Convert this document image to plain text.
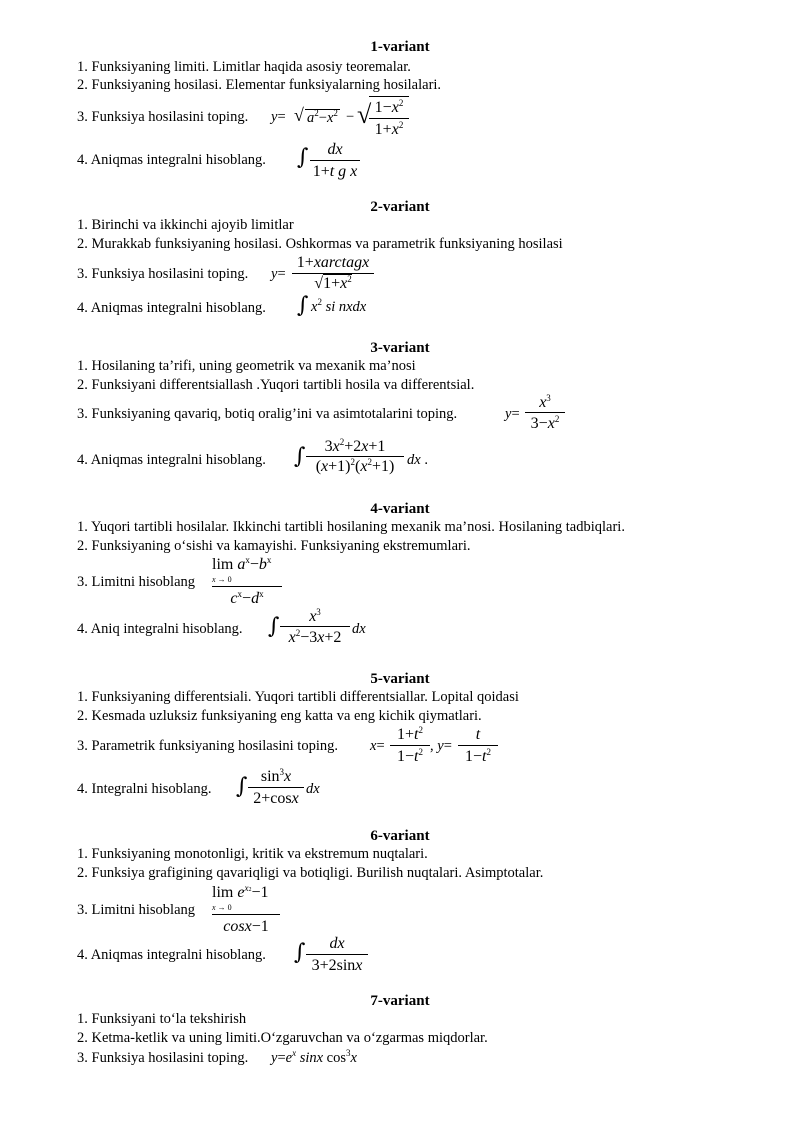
1-variant
1. Funksiyaning limiti. Limitlar haqida asosiy teoremalar.
2. Funksiyaning hosilasi. Elementar funksiyalarning hosilalari.
3. Funksiya hosilasini toping. y= √ $a^2-x^2$ − √ $1-x^2$
$1+x^2$
4. Aniqmas integralni hisoblang. ∫	dx
1+t g x
2-variant
1. Birinchi va ikkinchi ajoyib limitlar
2. Murakkab funksiyaning hosilasi. Oshkormas va parametrik funksiyaning hosilasi
3. Funksiya hosilasini toping. y=
1+xarctagx
$√1+x^2$
4. Aniqmas integralni hisoblang. ∫ $x^2$ si nxdx
3-variant
1. Hosilaning ta’rifi, uning geometrik va mexanik ma’nosi
2. Funksiyani differentsiallash .Yuqori tartibli hosila va differentsial.
3. Funksiyaning qavariq, botiq oralig’ini va asimtotalarini toping.	y=
$x^3$
$3-x^2$
4. Aniqmas integralni hisoblang. ∫	$3x^2+2x+1$
$(x+1)^2(x^2+1)$ dx .
4-variant
1. Yuqori tartibli hosilalar. Ikkinchi tartibli hosilaning mexanik ma’nosi. Hosilaning tadbiqlari.
2. Funksiyaning o‘sishi va kamayishi. Funksiyaning ekstremumlari.
3. Limitni hisoblang
$\lim a^x-b^x$
x → 0
$c^x-d^x$
4. Aniq integralni hisoblang. ∫	$x^3$
$x^2-3x+2$ dx
5-variant
1. Funksiyaning differentsiali. Yuqori tartibli differentsiallar. Lopital qoidasi
2. Kesmada uzluksiz funksiyaning eng katta va eng kichik qiymatlari.
3. Parametrik funksiyaning hosilasini toping. x=
$1+t^2$
$1-t^2$ , y=
t
$1-t^2$
4. Integralni hisoblang. ∫ $\sin^3x$
2+cosx
dx
6-variant
1. Funksiyaning monotonligi, kritik va ekstremum nuqtalari.
2. Funksiya grafigining qavariqligi va botiqligi. Burilish nuqtalari. Asimptotalar.
3. Limitni hisoblang
$\lim e^{x2}-1$
x → 0
cosx−1
4. Aniqmas integralni hisoblang. ∫	dx
3+2sinx
7-variant
1. Funksiyani to‘la tekshirish
2. Ketma-ketlik va uning limiti.O‘zgaruvchan va o‘zgarmas miqdorlar.
3. Funksiya hosilasini toping. $y=e^x$ sinx $\cos^3x$
